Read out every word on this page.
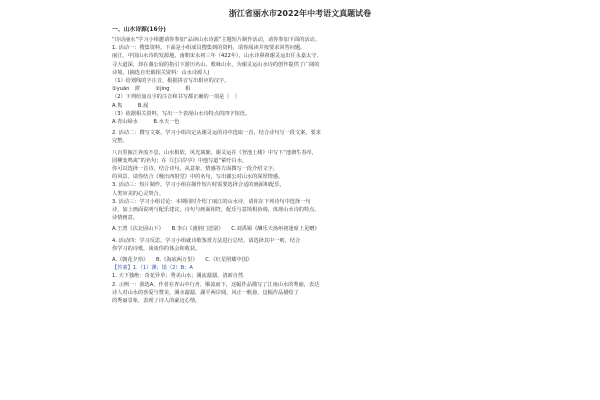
浙江省丽水市2022年中考语文真题试卷
一、山水诗源(16分)

“诗话丽水”学习小组邀请你参加“品读山水诗源”主题短片制作活动，请你参加下面的活动。

1. 活动一：搜集资料。下面是小组成员搜集到的资料，请你阅读并按要求回答问题。

丽江，中国山水诗的发源地。南朝宋永初三年（422年），山水诗鼻祖谢灵运出任永嘉太守，

寻大道深，却在谢公屐的指引下游历名山，歌咏山水，为谢灵运山水诗的创作提供了广阔的

诗境。(摘选自史载相关资料：山水诗源人)

（1）给划线的字注音，根据拼音写出相应的汉字。

①yuān　潭　　　②jìng　　　相

（2）下列给加点字的注音和书写都正确的一项是（　）

A.隽　　　B.屐

（3）依据相关资料，写出一个表现山水诗特点的四字短语。

A.青山绿水　　　B.水天一色

2. 活动二：撰写文案。学习小组决定从谢灵运的诗中选取一首，结合诗句写一段文案，要求

完整。

八百里瓯江奔流不息，山水相依，风光旖旎。谢灵运在《登池上楼》中写下“池塘生春草，

园柳变鸣禽”的名句；在《过白岸亭》中他写道“萦纡白水，

你可以选择一首诗，结合诗句，从意象、情感等方面撰写一段介绍文字。

的风景。请你结合《晚出西射堂》中的名句，写出谢公对山水的深厚情感。

3. 活动三：短片制作。学习小组在制作短片时需要选择合适的画面和配乐，

人类审美的心灵契合。

3. 活动三：学习小组讨论：本期同时介绍了丽江的山水诗，请你在下列诗句中选择一句

诗，加上画面说明与配乐建议，诗句与画面相符，配乐与意境相协调，体现山水诗的特点。

诗情画意。

A.王湾《次北固山下》　　B.李白《渡荆门送别》　　C.刘禹锡《酬乐天扬州初逢席上见赠》

4. 活动四：学习反思。学习小组就诗歌鉴赏方法进行总结，请选择其中一则，结合

你学习的诗歌，谈谈你的体会和收获。

A.《朝花夕拾》　　B.《海底两万里》　　C.《红星照耀中国》

【答案】1.（1）渊；镜（2）B；A

1. 天下独绝：奇花异草；秀美山水；溪流潺潺，清新自然

2. 示例一：我选A，作者在青山中行舟，顺流而下，这幅作品描写了江南山水的秀丽，表达

诗人对山水的喜爱与赞美，溪水潺潺，湖平两岸阔，风正一帆悬，这幅作品描绘了

的秀丽景象，表现了诗人的豪迈心情。
